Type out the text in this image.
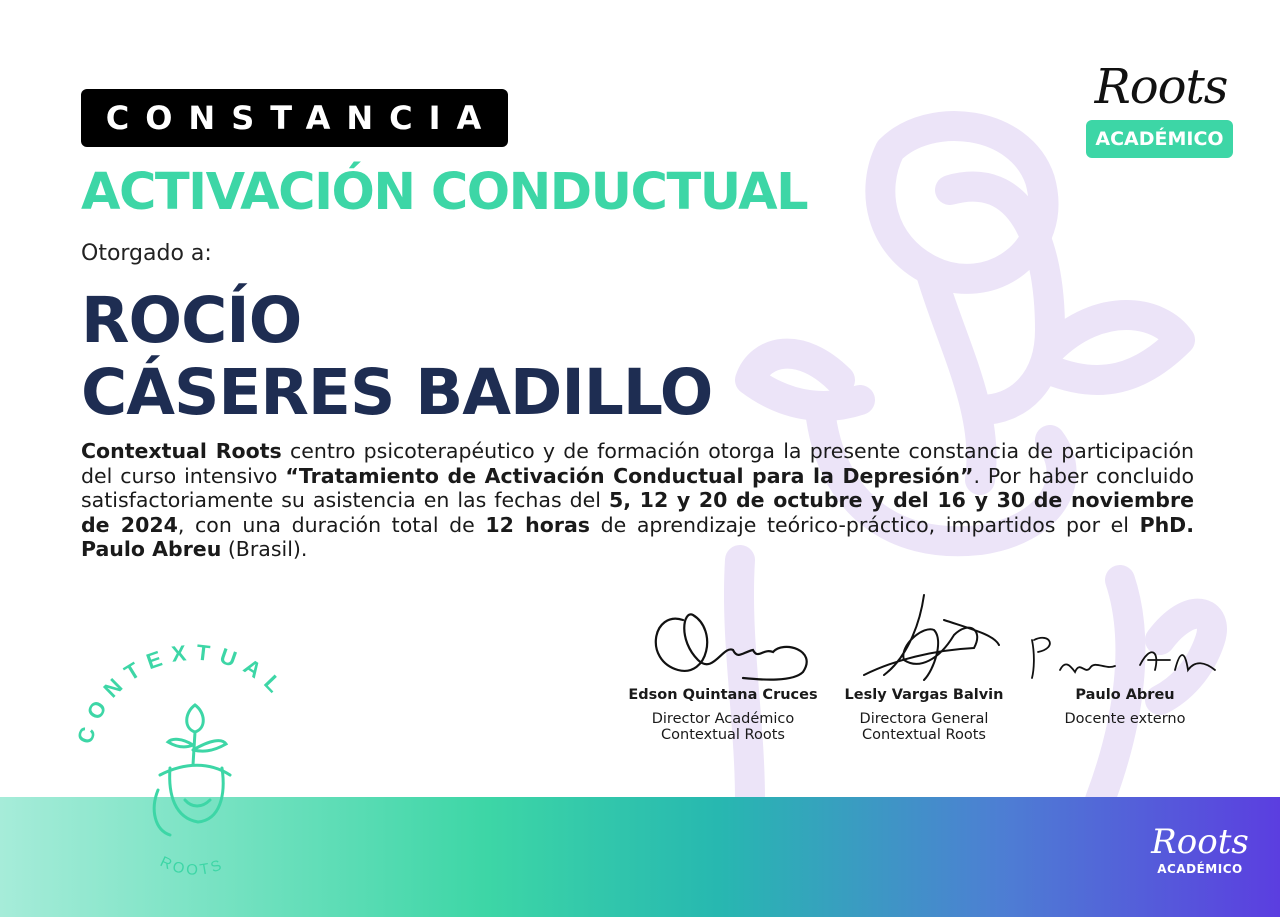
CONSTANCIA
ACTIVACIÓN CONDUCTUAL
Otorgado a:
ROCÍO
CÁSERES BADILLO

Contextual Roots centro psicoterapéutico y de formación otorga la presente constancia de participación del curso intensivo “Tratamiento de Activación Conductual para la Depresión”. Por haber concluido satisfactoriamente su asistencia en las fechas del 5, 12 y 20 de octubre y del 16 y 30 de noviembre de 2024, con una duración total de 12 horas de aprendizaje teórico-práctico, impartidos por el PhD. Paulo Abreu (Brasil).

Edson Quintana Cruces
Director Académico
Contextual Roots
Lesly Vargas Balvin
Directora General
Contextual Roots
Paulo Abreu
Docente externo
Roots
ACADÉMICO
Roots
ACADÉMICO
CONTEXTUAL
ROOTS
